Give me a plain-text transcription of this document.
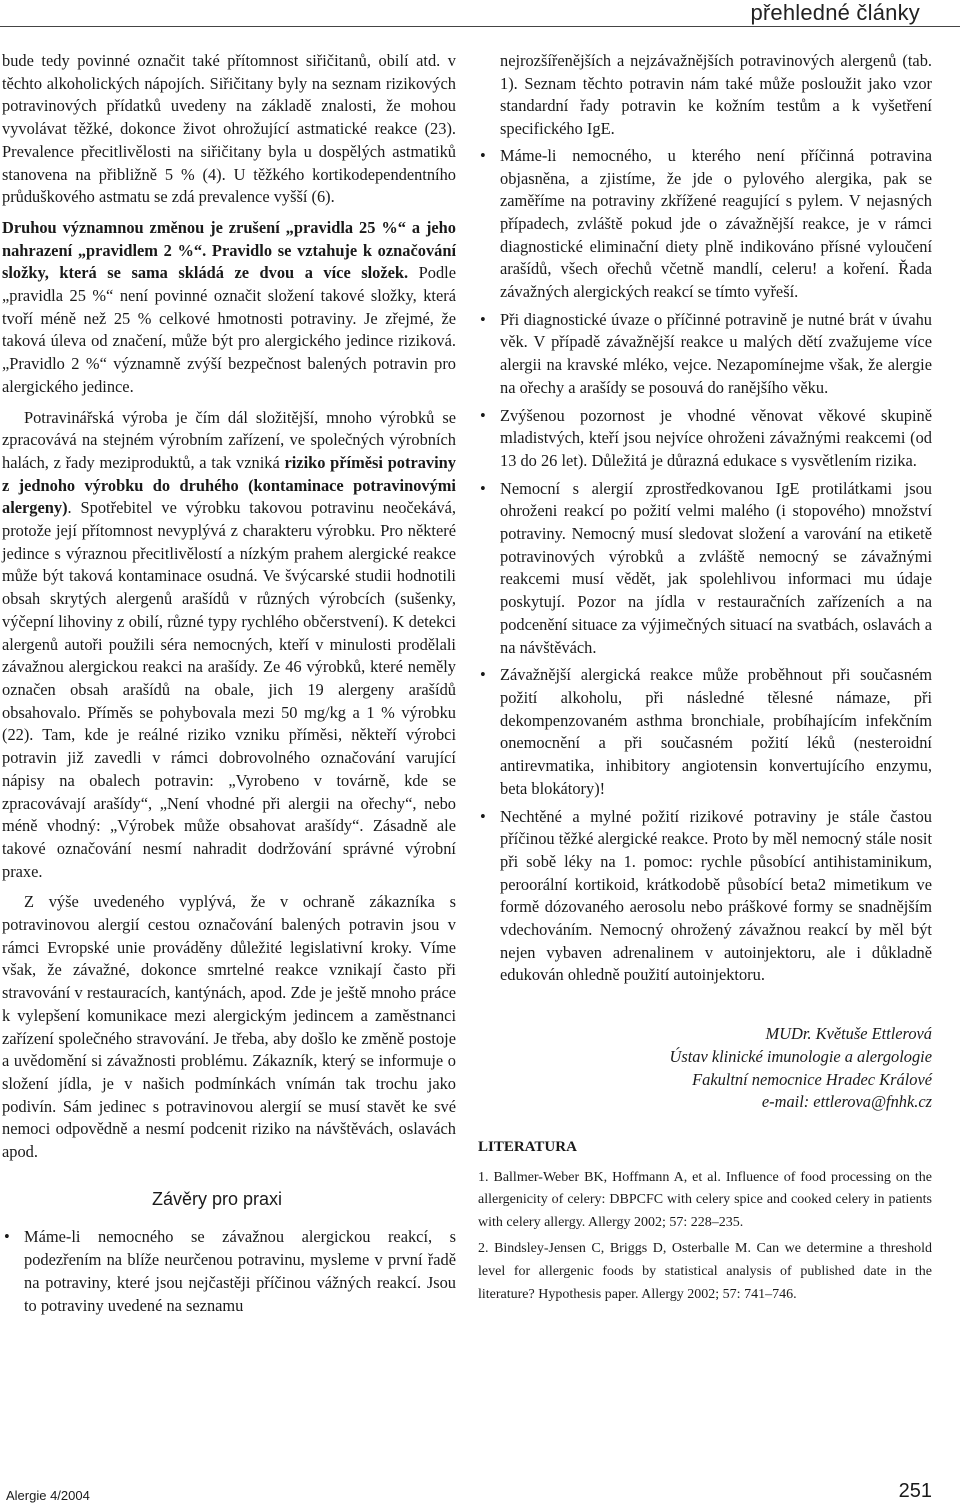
přehledné články

bude tedy povinné označit také přítomnost siřičitanů, obilí atd. v těchto alkoholických nápojích. Siřičitany byly na seznam rizikových potravinových přídatků uvedeny na základě znalosti, že mohou vyvolávat těžké, dokonce život ohrožující astmatické reakce (23). Prevalence přecitlivělosti na siřičitany byla u dospělých astmatiků stanovena na přibližně 5 % (4). U těžkého kortikodependentního průduškového astmatu se zdá prevalence vyšší (6).

Druhou významnou změnou je zrušení „pravidla 25 %“ a jeho nahrazení „pravidlem 2 %“. Pravidlo se vztahuje k označování složky, která se sama skládá ze dvou a více složek. Podle „pravidla 25 %“ není povinné označit složení takové složky, která tvoří méně než 25 % celkové hmotnosti potraviny. Je zřejmé, že taková úleva od značení, může být pro alergického jedince riziková. „Pravidlo 2 %“ významně zvýší bezpečnost balených potravin pro alergického jedince.

Potravinářská výroba je čím dál složitější, mnoho výrobků se zpracovává na stejném výrobním zařízení, ve společných výrobních halách, z řady meziproduktů, a tak vzniká riziko příměsi potraviny z jednoho výrobku do druhého (kontaminace potravinovými alergeny). Spotřebitel ve výrobku takovou potravinu neočekává, protože její přítomnost nevyplývá z charakteru výrobku. Pro některé jedince s výraznou přecitlivělostí a nízkým prahem alergické reakce může být taková kontaminace osudná. Ve švýcarské studii hodnotili obsah skrytých alergenů arašídů v různých výrobcích (sušenky, výčepní lihoviny z obilí, různé typy rychlého občerstvení). K detekci alergenů autoři použili séra nemocných, kteří v minulosti prodělali závažnou alergickou reakci na arašídy. Ze 46 výrobků, které neměly označen obsah arašídů na obale, jich 19 alergeny arašídů obsahovalo. Příměs se pohybovala mezi 50 mg/kg a 1 % výrobku (22). Tam, kde je reálné riziko vzniku příměsi, někteří výrobci potravin již zavedli v rámci dobrovolného označování varující nápisy na obalech potravin: „Vyrobeno v továrně, kde se zpracovávají arašídy“, „Není vhodné při alergii na ořechy“, nebo méně vhodný: „Výrobek může obsahovat arašídy“. Zásadně ale takové označování nesmí nahradit dodržování správné výrobní praxe.

Z výše uvedeného vyplývá, že v ochraně zákazníka s potravinovou alergií cestou označování balených potravin jsou v rámci Evropské unie prováděny důležité legislativní kroky. Víme však, že závažné, dokonce smrtelné reakce vznikají často při stravování v restauracích, kantýnách, apod. Zde je ještě mnoho práce k vylepšení komunikace mezi alergickým jedincem a zaměstnanci zařízení společného stravování. Je třeba, aby došlo ke změně postoje a uvědomění si závažnosti problému. Zákazník, který se informuje o složení jídla, je v našich podmínkách vnímán tak trochu jako podivín. Sám jedinec s potravinovou alergií se musí stavět ke své nemoci odpovědně a nesmí podcenit riziko na návštěvách, oslavách apod.

Závěry pro praxi
• Máme-li nemocného se závažnou alergickou reakcí, s podezřením na blíže neurčenou potravinu, mysleme v první řadě na potraviny, které jsou nejčastěji příčinou vážných reakcí. Jsou to potraviny uvedené na seznamu

nejrozšířenějších a nejzávažnějších potravinových alergenů (tab. 1). Seznam těchto potravin nám také může posloužit jako vzor standardní řady potravin ke kožním testům a k vyšetření specifického IgE.

• Máme-li nemocného, u kterého není příčinná potravina objasněna, a zjistíme, že jde o pylového alergika, pak se zaměříme na potraviny zkřížené reagující s pylem. V nejasných případech, zvláště pokud jde o závažnější reakce, je v rámci diagnostické eliminační diety plně indikováno přísné vyloučení arašídů, všech ořechů včetně mandlí, celeru! a koření. Řada závažných alergických reakcí se tímto vyřeší.
• Při diagnostické úvaze o příčinné potravině je nutné brát v úvahu věk. V případě závažnější reakce u malých dětí zvažujeme více alergii na kravské mléko, vejce. Nezapomínejme však, že alergie na ořechy a arašídy se posouvá do ranějšího věku.
• Zvýšenou pozornost je vhodné věnovat věkové skupině mladistvých, kteří jsou nejvíce ohroženi závažnými reakcemi (od 13 do 26 let). Důležitá je důrazná edukace s vysvětlením rizika.
• Nemocní s alergií zprostředkovanou IgE protilátkami jsou ohroženi reakcí po požití velmi malého (i stopového) množství potraviny. Nemocný musí sledovat složení a varování na etiketě potravinových výrobků a zvláště nemocný se závažnými reakcemi musí vědět, jak spolehlivou informaci mu údaje poskytují. Pozor na jídla v restauračních zařízeních a na podcenění situace za výjimečných situací na svatbách, oslavách a na návštěvách.
• Závažnější alergická reakce může proběhnout při současném požití alkoholu, při následné tělesné námaze, při dekompenzovaném asthma bronchiale, probíhajícím infekčním onemocnění a při současném požití léků (nesteroidní antirevmatika, inhibitory angiotensin konvertujícího enzymu, beta blokátory)!
• Nechtěné a mylné požití rizikové potraviny je stále častou příčinou těžké alergické reakce. Proto by měl nemocný stále nosit při sobě léky na 1. pomoc: rychle působící antihistaminikum, peroorální kortikoid, krátkodobě působící beta2 mimetikum ve formě dózovaného aerosolu nebo práškové formy se snadnějším vdechováním. Nemocný ohrožený závažnou reakcí by měl být nejen vybaven adrenalinem v autoinjektoru, ale i důkladně edukován ohledně použití autoinjektoru.
MUDr. Květuše Ettlerová
Ústav klinické imunologie a alergologie
Fakultní nemocnice Hradec Králové
e-mail: ettlerova@fnhk.cz
LITERATURA

1. Ballmer-Weber BK, Hoffmann A, et al. Influence of food processing on the allergenicity of celery: DBPCFC with celery spice and cooked celery in patients with celery allergy. Allergy 2002; 57: 228–235.

2. Bindsley-Jensen C, Briggs D, Osterballe M. Can we determine a threshold level for allergenic foods by statistical analysis of published date in the literature? Hypothesis paper. Allergy 2002; 57: 741–746.

Alergie 4/2004	251
